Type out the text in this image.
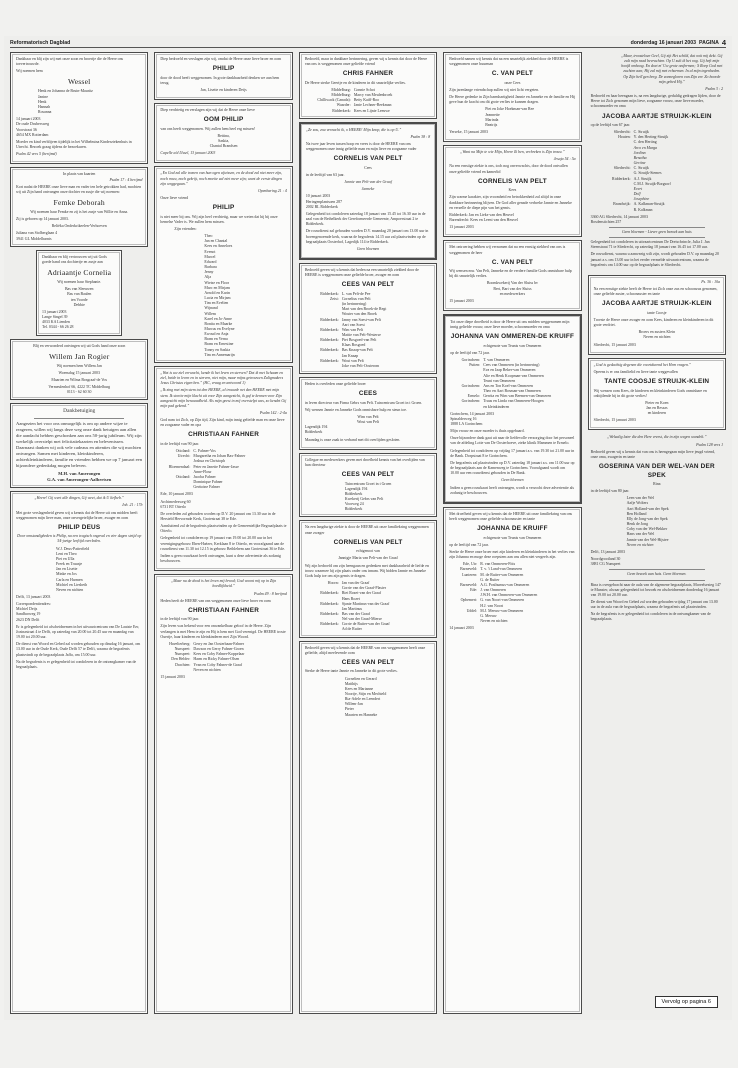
Reformatorisch Dagblad	donderdag 16 januari 2003 PAGINA 4

Dankbaar en blij zijn wij met onze zoon en broertje die de Heere ons toevertrouwde.

Wij noemen hem

Wessel
Henk en Johanna de Bruin-Mauritz
Janine
Henk
Hannah
Rosanna
14 januari 2003
De oude Drubersweg
Voorstraat 36
4654 MX Rotterdam

Moeder en kind verblijven tijdelijk in het Wilhelmina Kinderziekenhuis in Utrecht. Bezoek graag tijdens de bezoekuren.

Psalm 42 vers 5 (berijmd)

In plaats van kaarten

Psalm 17 : 4 berijmd

Kort nadat de HEERE onze lieve man en vader ten hele getrokken had, mochten wij uit Zijn hand ontvangen onze dochter en zusje die wij noemen:

Femke Deborah

Wij noemen haar Femke en zij is het zusje van Willie en Anna.

Zij is geboren op 14 januari 2003.

Reliëka Onderkrikeelen-Verhoeven

Juliana van Stolberglaan 4
3941 GL Middelharnis

Dankbaar en blij vertrouwen wij uit Gods goede hand ons dochtertje en zusje aan

Adriaantje Cornelia

Wij noemen haar Stephanie.

Bas van Sleeuwen
Bas van Baalen
ten Voorde
Debbie
13 januari 2003
Lange Singel 39
4033 KA Lienden
Tel. 0344 - 66 26 28

Blij en verwonderd ontvingen wij uit Gods hand onze zoon

Willem Jan Rogier

Wij noemen hem Willem Jan

Woensdag 15 januari 2003

Maarten en Wilma Bosgraaf-de Vos

Vermeulenhof 66, 4222 TC Middelburg
0113 - 62 60 30
Dankbetuiging

Aangezien het voor ons onmogelijk is om op andere wijze te reageren, willen wij langs deze weg onze dank betuigen aan allen die aandacht hebben geschonken aan ons 50-jarig jubileum. Wij zijn werkelijk overstelpt met felicitatiekaarten en belevenissen. Daarnaast danken wij ook vele cadeaus en attenties die wij mochten ontvangen. Samen met kinderen, kleinkinderen, achterkleinkinderen, familie en vrienden hebben we op 7 januari een bijzondere gedenkdag mogen beleven.

M.H. van Amerongen
G.A. van Amerongen-Aalbertsen

„Heere! Gij weet alle dingen, Gij weet, dat ik U liefheb.”

Joh. 21 : 17b

Met grote verslagenheid geven wij u kennis dat de Heere uit ons midden heeft weggenomen mijn lieve man, onze onvergetelijke broer, zwager en oom

PHILIP DEUS

Door omstandigheden is Philip, na een tragisch ongeval en vier dagen strijd op 54-jarige leeftijd overleden.

W.J. Deus-Patterfield
Leni en Theo
Piet en Ulla
Freek en Truusje
Jan en Lisette
Minke en Jos
Carla en Harmen
Michiel en Liesbeth
Neven en nichten

Delft, 13 januari 2003

Correspondentieadres:
Michiel Deijs
Sandhorweg 19
2623 DN Delft

Er is gelegenheid tot afscheidnemen in het uitvaartcentrum van De Laatste Eer, Jozinastraat 4 te Delft, op zaterdag van 20.00 tot 20.45 uur en maandag van 19.00 tot 20.00 uur.

De dienst van Woord en Gebed zal worden gehouden op dinsdag 16 januari, om 13.00 uur in de Oude Kerk, Oude Delft 57 te Delft, waarna de begrafenis plaatsvindt op de begraafplaats Jaffa, om 15.00 uur.

Na de begrafenis is er gelegenheid tot condoleren in de ontvangkamer van de begraafplaats.

Diep bedroefd en verslagen zijn wij, omdat de Heere onze lieve broer en oom

PHILIP

door de dood heeft weggenomen. In grote dankbaarheid denken we aan hem terug.

Jan, Lisette en kinderen Deijs

Diep verdrietig en verslagen zijn wij dat de Heere onze lieve

OOM PHILIP

van ons heeft weggenomen. Wij zullen hem heel erg missen!

Bettina,
Saskia,
Chantal Brandsen

Capelle a/d IJssel, 13 januari 2003

„En God zal alle tranen van hun ogen afwissen, en de dood zal niet meer zijn, noch rouw, noch gekrijt, noch moeite zal niet meer zijn; want de eerste dingen zijn weggegaan.”

Openbaring 21 : 4

Onze lieve vriend

PHILIP

is niet meer bij ons. Wij zijn heel verdrietig, maar we weten dat hij bij onze hemelse Vader is. We zullen hem missen.

Zijn vrienden:

Theo
Jan en Chantal
Kees en Anneloes
Evenot
Marcel
Edward
Barbara
Jenny
Alja
Wietse en Floor
Marc en Mirjam
Arnold en Karin
Lucia en Mirjam
Tim en Evelien
Wijnand
Willem
Karel en Jo-Anne
Bonita en Maarke
Marcus en Evelyne
Ewoud en Anja
Bram en Verna
Bram en Ernestine
Tonny en Saskia
Tim en Annemarijn

„Wat is uw ziel verwacht, kende ik het leven en sterven? Dat ik met lichaam en ziel, beide in leven en in sterven, niet mijn, maar mijns getrouwen Zaligmakers Jezus Christus eigen ben.” (HC, vraag en antwoord 1)

„Ik zing met mijn stem tot den HEERE, al trouwde net den HEERE met mijn stem. Ik storttе mijn klacht uit voor Zijn aangezicht, ik gaf te kennen voor Zijn aangezicht mijn benauwdheid. Als mijn geest in mij overstelpt was, zo kendet Gij mijn pad gekend.”

Psalm 142 : 2-4a

God nam tot Zich, op Zijn tijd, Zijn kind, mijn innig geliefde man en onze lieve en zorgzame vader en opa

CHRISTIAAN FAHNER

in de leeftijd van 90 jaar.

Ottoland: C. Fahner-Vos
Utrecht: Margaretha en Johan Bax-Fahner
Joshua en Christoph
Bloemendaal: Peter en Janette Fahner-Jasse
Anne-Flour
Ottoland: Jacoba Fahner
Dominique Fahner
Gerttoine Fahner

Ede, 10 januari 2003

Archimedesweg 60
6731 BT Otterlo

De overleden zal gehouden worden op D.V. 20 januari om 13.30 uur in de Hersteld Hervormde Kerk, Grotestraat 38 te Ede.

Aansluitend zal de begrafenis plaatsvinden op de Gemeentelijke Begraafplaats te Otterlo.

Gelegenheid tot condoleren op 19 januari van 19.00 tot 20.00 uur in het verenigingsgebouw Eben-Haëzer, Kerklaan 8 te Otterlo, en voorafgaand aan de rouwdienst van 11.30 tot 12.15 in gebouw Bethlehem aan Grotestraat 36 te Ede.

Indien u geen rouwkaart heeft ontvangen, kunt u deze advertentie als zodanig beschouwen.

„Maar nu de dood is het leven mij brood; God woont mij op in Zijn hoedlijkheid.”

Psalm 49 : 8 berijmd

Heden heeft de HEERE van ons weggenomen onze lieve broer en oom

CHRISTIAAN FAHNER

in de leeftijd van 90 jaar.

Zijn leven was bekend voor een onwankelbaar geloof in de Heere. Zijn verlangen is met Hem te zijn en Hij is hem met God verenigd. De HEERE troste Ouertje, haar kinderen en kleinkinderen met Zijn Woord.

Havelterberg: Gerry en Jan Oosterbaan-Fahner
Nunspeet: Dawson en Gerry Fahner-Groen
Nunspeet: Kees en Coby Fahner-Koppelaar
Den Helder: Harm en Ricky Fahner-Olsen
Drachten: Yvan en Coby Fahner-de Graaf
Neven en nichten

15 januari 2003

Bedroefd, maar in dankbare herinnering, geven wij u kennis dat door de Heere van ons is weggenomen onze geliefde vriend

CHRIS FAHNER

De Heere sterke Geertje en de kinderen in dit smartelijke verlies.

Middelburg: Connie Schot
Middelburg: Marcy van Meulenbroek
Chilliwack (Canada): Betty Kaiff-Roo
Waarder: Janie Lechner-Beekman
Ridderkerk: Kees en Lijnie Leeuwe

„Ze zou, zou vernacht ik, o HEERE! Mijn knop, die is op U.”

Psalm 38 : 8

Na twee jaar leven tussen hoop en vrees is door de HEERE van ons weggenomen onze innig geliefde man en mijn lieve en zorgzame vader

CORNELIS VAN PELT

Cees

in de leeftijd van 63 jaar.

Jannie van Pelt-van der Graaf

Janneke

10 januari 2003
Heringenplantsoen 287
2002 BL Ridderkerk

Gelegenheid tot condoleren zaterdag 18 januari van 15.45 tot 16.30 uur in de zaal van de Bethelkerk der Gereformeerde Gemeente, Ampoerstraat 2 te Ridderkerk.

De rouwdienst zal gehouden worden D.V. maandag 20 januari om 13.00 uur in bovengenoemde kerk, waarna de begrafenis 14.15 uur zal plaatsvinden op de begraafplaats Oosterhof, Lagedijk 114 te Ridderkerk.

Geen bloemen

Bedroefd geven wij u kennis dat heden na een smartelijk ziekbed door de HEERE is weggenomen onze geliefde broer, zwager en oom

CEES VAN PELT
Ridderkerk: L. van Pelt-de Pee
Zeist: Cornelius van Pelt
(in herinnering)
Mart van den Broek-de Regt
Wouter van den Broek
Ridderkerk: Janny van Soest-van Pelt
Aart van Soest
Ridderkerk: Wim van Pelt
Mattie van Pelt-Westerse
Ridderkerk: Piet Bosgoed-van Pelt
Klaas Bosgoed
Ridderkerk: Bas Knaap-van Pelt
Jan Knaap
Ridderkerk: Wout van Pelt
Joke van Pelt-Oosterom

Heden is overleden onze geliefde broer

CEES

in leven directeur van Firma Gebrs van Pelt. Tuincentrum Groei in t Groen.

Wij wensen Jannie en Janneke Gods onmisbare hulp en steun toe.

Wim van Pelt
Wout van Pelt
Lagendijk 194
Ridderkerk

Maandag is onze zaak in verband met dit overlijden gesloten.

Collegae en medewerkers geven met droefheid kennis van het overlijden van hun directeur

CEES VAN PELT
Tuincentrum Groei in t Groen
Lagendijk 194
Ridderkerk
Kwekerij Gebrs van Pelt
Voorweg 24
Ridderkerk

Na een langdurige ziekte is door de HEERE uit onze familiekring weggenomen onze zwager

CORNELIS VAN PELT

echtgenoot van

Jannigje Maria van Pelt-van der Graaf

Wij zijn bedroefd om zijn heengaan en gedenken met dankbaarheid de liefde en trouw waarmee hij zijn plaats onder ons innam. Wij bidden Jannie en Janneke Gods hulp toe om zijn gemis te dragen.

Hoorn: Jan van der Graaf
Corrie van der Graaf-Plasier
Ridderkerk: Riet Rozet-van der Graaf
Hans Rozet
Ridderkerk: Sjanie Martinus-van der Graaf
Jan Martinus
Ridderkerk: Bas van der Graaf
Nel van der Graaf-Mierse
Ridderkerk: Corrie de Ruiter-van der Graaf
Ad de Ruiter

Bedroefd geven wij u kennis dat de HEERE van ons weggenomen heeft onze geliefde, altijd meelevende oom

CEES VAN PELT

Sterke de Heere tante Jannie en Janneke in dit grote verlies.

Cornelien en Gerard
Matthijs
Kees en Marianne
Noortje, Stijn en Mechteld
Ria-Adele en Leendert
Willem-Jan
Pieter
Maarten en Hanneke

Bedroefd namen wij kennis dat na een smartelijk ziekbed door de HEERE is weggenomen onze buurman

C. VAN PELT

onze Cees

Zijn jarenlange vriendschap zullen wij niet licht vergeten.

De Heere gedenke in Zijn barmhartigheid Jannie en Janneke en de familie en Hij geve hun de kracht om dit grote verlies te kunnen dragen.

Piet en Joke Hoekman-van Ree
Jeannette
Marinda
Beatrijs

Yerseke, 15 januari 2003

„Want na Mijn te wie Mijn, Heere Ik ben, verbreken is Zijn trouw.”

Jesaja 54 : 5a

Na een ernstige ziekte is ons, toch nog onverwachts, door de dood ontvallen onze geliefde vriend en kamerlid

CORNELIS VAN PELT

Kees

Zijn warme karakter, zijn vroomheid en betrokkenheid zal altijd in onze dankbare herinnering blijven. De God aller genade verbreke Jannie en Janneke en verzelle de diepe pijn van het gemis.

Ridderkerk: Jan en Lieke van den Heuvel
Barendrecht: Kees en Leeni van den Heuvel

13 januari 2003

Met ontroering hebben wij vernomen dat na een ernstig ziekbed van ons is weggenomen de heer

C. VAN PELT

Wij wensen mw. Van Pelt, Janneke en de verdere familie Gods onmisbare hulp bij dit smartelijk verlies.

Boomkwekerij Van der Sluiss bv
Bert, Bart van der Sluiss
en medewerkers

15 januari 2003

Tot onze diepe droefheid is door de Heere uit ons midden weggenomen mijn innig geliefde vrouw, onze lieve moeder, schoonmoeder en oma

JOHANNA VAN OMMEREN-DE KRUIFF

echtgenote van Teunis van Ommeren

op de leeftijd van 72 jaar.

Gorinchem: T. van Ommeren
Putten: Cees van Ommeren (in herinnering)
Eva en Jaap Beker-van Ommeren
Alie en Henk Koopman-van Ommeren
Teuni van Ommeren
Gorinchem: Ans en Ton Koel-van Ommeren
Theo en Aart Bosman-van Ommeren
Ermelo: Gerrita en Wim van Beemen-van Ommeren
Gorinchem: Truus en Linda van Ommeren-Hoogen
en kleinkinderen
Gorinchem, 14 januari 2003
Spinalderweg 16
1888 LA Gorinchem

Mijn vrouw en onze moeder is thuis opgebaard.

Onze bijzondere dank gaat uit naar de liefdevolle verzorging door het personeel van de afdeling Lotte van De Oosterhoeve, zieke klinik Mammen te Ermelo.

Gelegenheid tot condoleren op vrijdag 17 januari a.s. van 19.30 tot 21.00 uur in de Bank. Dorpstraat 8 te Gorinchem.

De begrafenis zal plaatsvinden op D.V. zaterdag 18 januari a.s. om 11.00 uur op de begraafplaats aan de Kamenweg te Gorinchem. Voorafgaand wordt om 10.00 uur een rouwdienst gehouden in De Bank.

Geen bloemen

Indien u geen rouwkaart heeft ontvangen, wordt u verzocht deze advertentie als zodanig te beschouwen.

Met droefheid geven wij u kennis dat de HEERE uit onze familiekring van ons heeft weggenomen onze geliefde schoonzuster en tante

JOHANNA DE KRUIFF

echtgenote van Teunis van Ommeren

op de leeftijd van 72 jaar.

Sterke de Heere onze broer met zijn kinderen en kleinkinderen in het verlies van zijn Johanna en moge deze roepstem aan ons allen niet vergeefs zijn.

Ede, Utr: R. van Ommeren-Fitts
Barneveld: T. v. 't Land-van Ommeren
Lunteren: M. de Ruiter-van Ommeren
G. de Ruiter
Barneveld: A.G. Posthumus-van Ommeren
Ede: J. van Ommeren
J.W.H. van Ommeren-van Ommeren
Ophemert: G. van Noort-van Ommeren
H.J. van Noort
Uddel: M.J. Meeuw-van Ommeren
G. Meeuw
Neven en nichten

14 januari 2003

„Maar, troosteloze Geel, Gij zijt Het schild, dat ooit mij dekt. Gij zult mijn raad bevrachten. Op U zult ik het oog. Gij heft mijn hoofd omhoog. En doet m' Uw grote ontfermen; 'k Roep God met zuchten aan; Hij zal mij met erbarmen. In al mijn tegenheden. Op Zijn heil'gen berg. De zonnegloren van Zijn eer. Zo hoorde mijn gebed Hij.”

Psalm 3 : 2

Bedroefd en haar heengaan is, na een langdurige, geduldig gedragen lijden, door de Heere tot Zich genomen mijn lieve, zorgzame vrouw, onze lieve moeder, schoonmoeder en oma

JACOBA AARTJE STRUIJK-KLEIN

op de leeftijd van 67 jaar.

Sliedrecht: C. Struijk
Houten: Y. den Herting-Struijk
C. den Herting
Arco en Marga
Jordinn
Benaiha
Gertine
Sliedrecht: C. Struijk
G. Struijk-Siemes
Ridderkerk: A.J. Struijk
C.M.J. Struijk-Borgsorf
Evert
Dolf
Josephine
Brandwijk: A. Kalkman-Struijk
R. Kalkman
3360 AG Sliedrecht, 14 januari 2003
Bosdenstichten 257

Geen bloemen - Liever geen bezoek aan huis

Gelegenheid tot condoleren in uitvaartcentrum De Dreiscbrincle, Julia J. Jan Steenstraat 71 te Sliedrecht, op zaterdag 18 januari van 16.45 tot 17.00 uur.

De rouwdienst, waarna u aanwezig wilt zijn, wordt gehouden D.V. op maandag 20 januari a.s. om 13.00 uur in het eerder vermelde uitvaartcentrum, waarna de begrafenis om 14.00 uur op de begraafplaats te Sliedrecht.

Ps. 36 : 10a

Na een ernstige ziekte heeft de Heere tot Zich onze zus en schoonzus genomen, onze geliefde zuster, schoonzuster en tante

JACOBA AARTJE STRUIJK-KLEIN

tante Coosje

Troeste de Heere onze zwager en oom Kees, kinderen en kleinkinderen in dit grote verdriet.

Broers en zusters Klein
Neven en nichten

Sliedrecht, 15 januari 2003

„God is gedachtig degenen die voortdurend het Hem vragen.”

Opeens is er ons familielid en lieve tante weggevallen

TANTE COOSJE STRUIJK-KLEIN

Wij wensen oom Kees, de kinderen en kleinkinderen Gods onmisbare en onbijtlende bij in dit grote verlies!

Pieter en Koen
Jan en Ressas
en kinderen

Sliedrecht, 15 januari 2003

„Welzalig later die den Here vreest, die in zijn wegen wandelt.”

Psalm 128 vers 1

Bedroefd geven wij u kennis dat van ons is heengegaan mijn lieve jeugd vriend, onze oma, zwagerin en tante

GOSERINA VAN DER WEL-VAN DER SPEK

Rina

in de leeftijd van 80 jaar.

Leen van der Wel
Aafje Wolters
Aart Holland-van der Spek
Ben Holland
Elly de Jong-van der Spek
Henk de Jong
Coby van der Wel-Bekker
Hans van der Wel
Jannie van der Wel-Hijstee
Neven en nichten

Delft, 13 januari 2003

Noordgrootland 30
3881 CG Nunspeet

Geen bezoek aan huis. Geen bloemen.

Rina is overgebracht naar de aula van de algemene begraafplaats, Moreelsesteg 147 te Munster, alwaar gelegenheid tot bezoek en afscheidnemen donderdag 16 januari van 19.00 tot 20.00 uur.

De dienst van Woord en Gebed zal worden gehouden vrijdag 17 januari om 13.00 uur in de aula van de begraafplaats, waarna de begrafenis zal plaatsvinden.

Na de begrafenis is er gelegenheid tot condoleren in de ontvangkamer van de begraafplaats.

Vervolg op pagina 6
